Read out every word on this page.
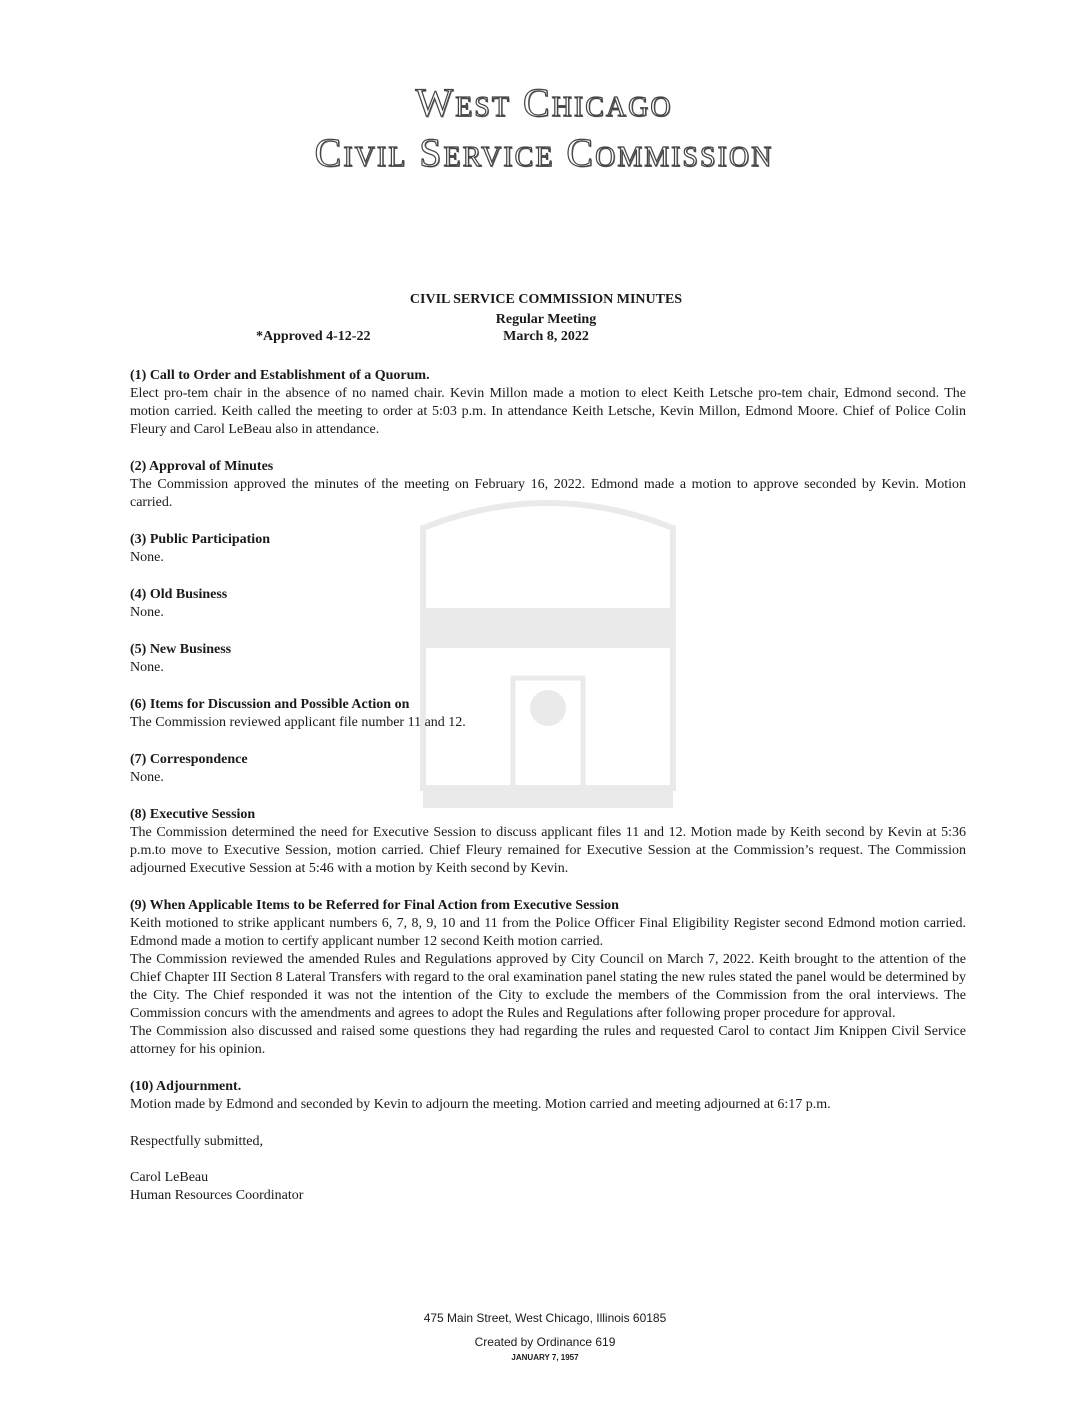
West Chicago
Civil Service Commission
CIVIL SERVICE COMMISSION MINUTES
Regular Meeting
*Approved 4-12-22	March 8, 2022
(1) Call to Order and Establishment of a Quorum.

Elect pro-tem chair in the absence of no named chair. Kevin Millon made a motion to elect Keith Letsche pro-tem chair, Edmond second. The motion carried. Keith called the meeting to order at 5:03 p.m. In attendance Keith Letsche, Kevin Millon, Edmond Moore. Chief of Police Colin Fleury and Carol LeBeau also in attendance.

(2) Approval of Minutes

The Commission approved the minutes of the meeting on February 16, 2022. Edmond made a motion to approve seconded by Kevin. Motion carried.

(3) Public Participation

None.

(4) Old Business

None.

(5) New Business

None.

(6) Items for Discussion and Possible Action on

The Commission reviewed applicant file number 11 and 12.

(7) Correspondence

None.

(8) Executive Session

The Commission determined the need for Executive Session to discuss applicant files 11 and 12. Motion made by Keith second by Kevin at 5:36 p.m.to move to Executive Session, motion carried. Chief Fleury remained for Executive Session at the Commission’s request. The Commission adjourned Executive Session at 5:46 with a motion by Keith second by Kevin.

(9) When Applicable Items to be Referred for Final Action from Executive Session

Keith motioned to strike applicant numbers 6, 7, 8, 9, 10 and 11 from the Police Officer Final Eligibility Register second Edmond motion carried. Edmond made a motion to certify applicant number 12 second Keith motion carried.

The Commission reviewed the amended Rules and Regulations approved by City Council on March 7, 2022. Keith brought to the attention of the Chief Chapter III Section 8 Lateral Transfers with regard to the oral examination panel stating the new rules stated the panel would be determined by the City. The Chief responded it was not the intention of the City to exclude the members of the Commission from the oral interviews. The Commission concurs with the amendments and agrees to adopt the Rules and Regulations after following proper procedure for approval.

The Commission also discussed and raised some questions they had regarding the rules and requested Carol to contact Jim Knippen Civil Service attorney for his opinion.

(10) Adjournment.

Motion made by Edmond and seconded by Kevin to adjourn the meeting. Motion carried and meeting adjourned at 6:17 p.m.

Respectfully submitted,

Carol LeBeau

Human Resources Coordinator

475 Main Street, West Chicago, Illinois 60185
Created by Ordinance 619
JANUARY 7, 1957
